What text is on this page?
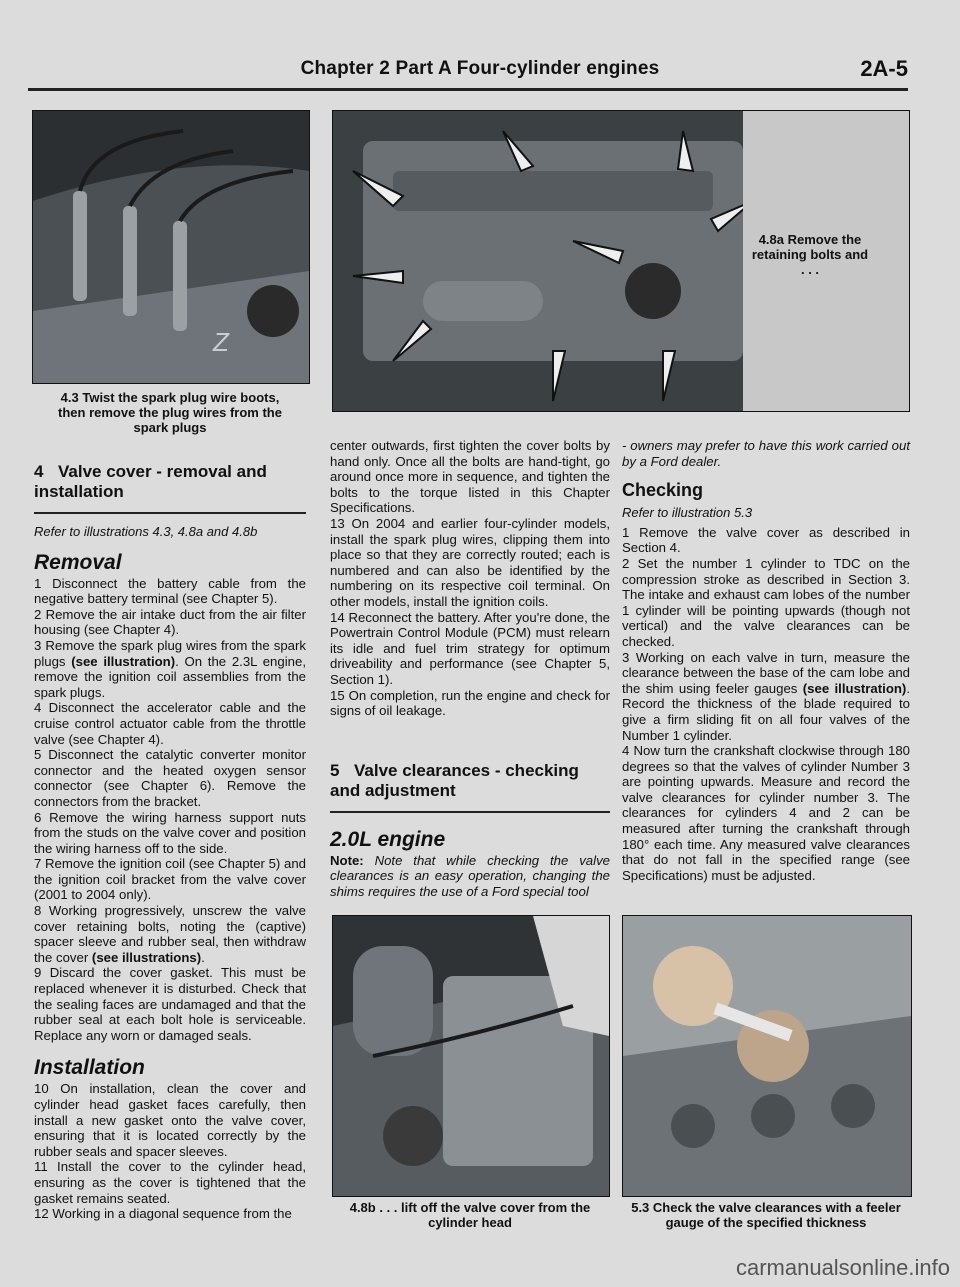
Chapter 2 Part A Four-cylinder engines	2A-5
Z
4.3 Twist the spark plug wire boots, then remove the plug wires from the spark plugs
4.8a Remove the retaining bolts and . . .
4 Valve cover - removal and installation

Refer to illustrations 4.3, 4.8a and 4.8b

Removal

1 Disconnect the battery cable from the negative battery terminal (see Chapter 5).

2 Remove the air intake duct from the air filter housing (see Chapter 4).

3 Remove the spark plug wires from the spark plugs (see illustration). On the 2.3L engine, remove the ignition coil assemblies from the spark plugs.

4 Disconnect the accelerator cable and the cruise control actuator cable from the throttle valve (see Chapter 4).

5 Disconnect the catalytic converter monitor connector and the heated oxygen sensor connector (see Chapter 6). Remove the connectors from the bracket.

6 Remove the wiring harness support nuts from the studs on the valve cover and position the wiring harness off to the side.

7 Remove the ignition coil (see Chapter 5) and the ignition coil bracket from the valve cover (2001 to 2004 only).

8 Working progressively, unscrew the valve cover retaining bolts, noting the (captive) spacer sleeve and rubber seal, then withdraw the cover (see illustrations).

9 Discard the cover gasket. This must be replaced whenever it is disturbed. Check that the sealing faces are undamaged and that the rubber seal at each bolt hole is serviceable. Replace any worn or damaged seals.

Installation

10 On installation, clean the cover and cylinder head gasket faces carefully, then install a new gasket onto the valve cover, ensuring that it is located correctly by the rubber seals and spacer sleeves.

11 Install the cover to the cylinder head, ensuring as the cover is tightened that the gasket remains seated.

12 Working in a diagonal sequence from the

center outwards, first tighten the cover bolts by hand only. Once all the bolts are hand-tight, go around once more in sequence, and tighten the bolts to the torque listed in this Chapter Specifications.

13 On 2004 and earlier four-cylinder models, install the spark plug wires, clipping them into place so that they are correctly routed; each is numbered and can also be identified by the numbering on its respective coil terminal. On other models, install the ignition coils.

14 Reconnect the battery. After you're done, the Powertrain Control Module (PCM) must relearn its idle and fuel trim strategy for optimum driveability and performance (see Chapter 5, Section 1).

15 On completion, run the engine and check for signs of oil leakage.

5 Valve clearances - checking and adjustment
2.0L engine

Note: Note that while checking the valve clearances is an easy operation, changing the shims requires the use of a Ford special tool

4.8b . . . lift off the valve cover from the cylinder head

- owners may prefer to have this work carried out by a Ford dealer.

Checking

Refer to illustration 5.3

1 Remove the valve cover as described in Section 4.

2 Set the number 1 cylinder to TDC on the compression stroke as described in Section 3. The intake and exhaust cam lobes of the number 1 cylinder will be pointing upwards (though not vertical) and the valve clearances can be checked.

3 Working on each valve in turn, measure the clearance between the base of the cam lobe and the shim using feeler gauges (see illustration). Record the thickness of the blade required to give a firm sliding fit on all four valves of the Number 1 cylinder.

4 Now turn the crankshaft clockwise through 180 degrees so that the valves of cylinder Number 3 are pointing upwards. Measure and record the valve clearances for cylinder number 3. The clearances for cylinders 4 and 2 can be measured after turning the crankshaft through 180° each time. Any measured valve clearances that do not fall in the specified range (see Specifications) must be adjusted.

5.3 Check the valve clearances with a feeler gauge of the specified thickness
carmanualsonline.info
